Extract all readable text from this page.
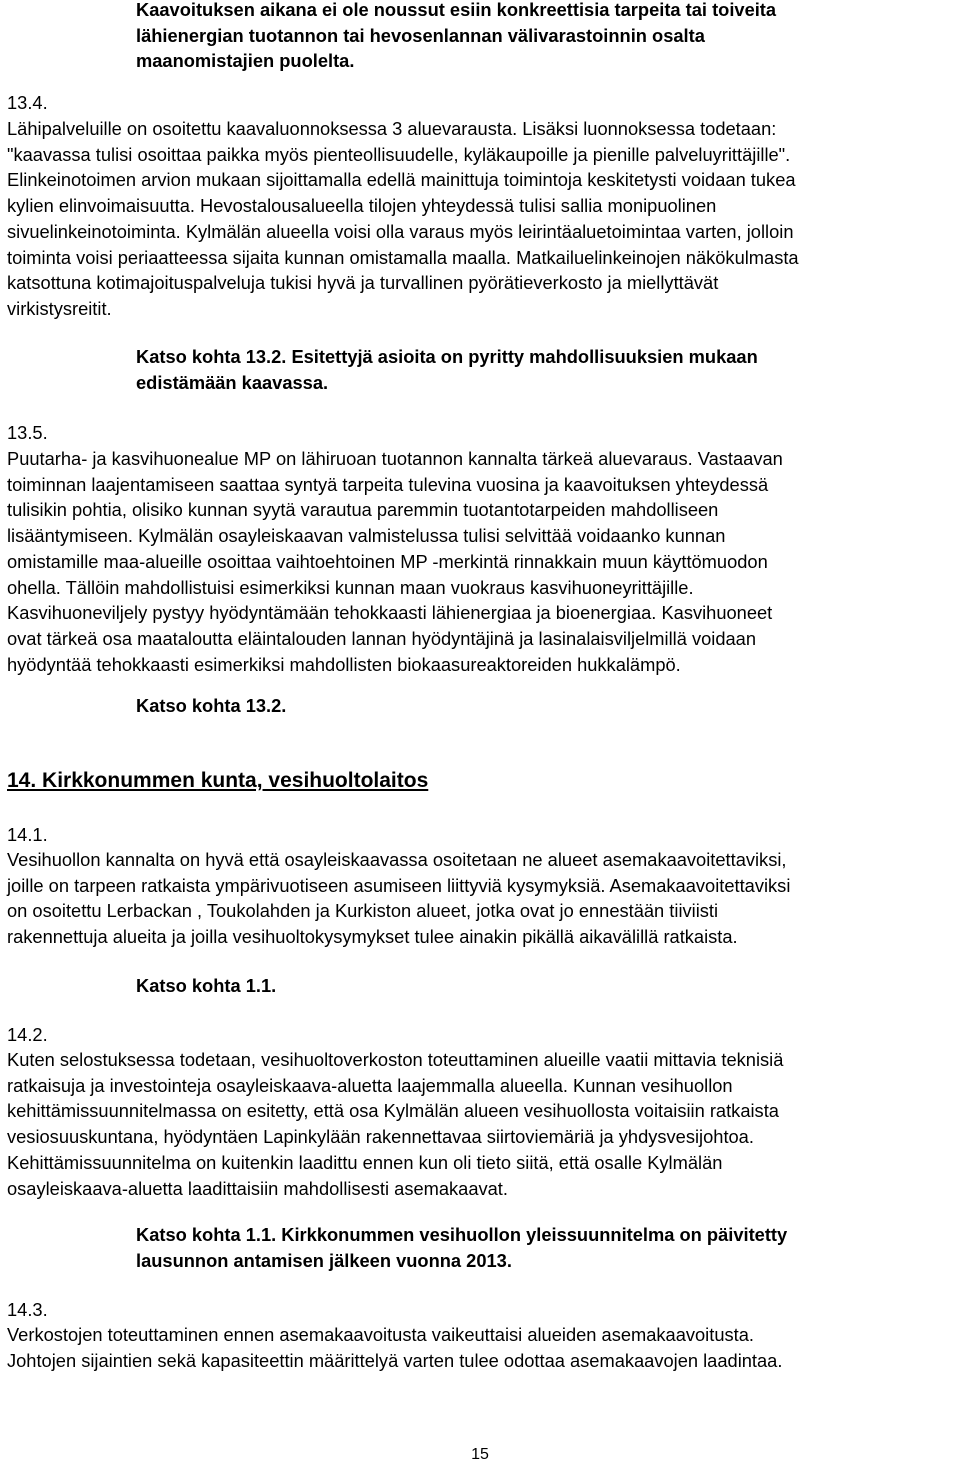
Kaavoituksen aikana ei ole noussut esiin konkreettisia tarpeita tai toiveita
lähienergian tuotannon tai hevosenlannan välivarastoinnin osalta
maanomistajien puolelta.
13.4.
Lähipalveluille on osoitettu kaavaluonnoksessa 3 aluevarausta. Lisäksi luonnoksessa todetaan:
"kaavassa tulisi osoittaa paikka myös pienteollisuudelle, kyläkaupoille ja pienille palveluyrittäjille".
Elinkeinotoimen arvion mukaan sijoittamalla edellä mainittuja toimintoja keskitetysti voidaan tukea
kylien elinvoimaisuutta. Hevostalousalueella tilojen yhteydessä tulisi sallia monipuolinen
sivuelinkeinotoiminta. Kylmälän alueella voisi olla varaus myös leirintäaluetoimintaa varten, jolloin
toiminta voisi periaatteessa sijaita kunnan omistamalla maalla. Matkailuelinkeinojen näkökulmasta
katsottuna kotimajoituspalveluja tukisi hyvä ja turvallinen pyörätieverkosto ja miellyttävät
virkistysreitit.
Katso kohta 13.2. Esitettyjä asioita on pyritty mahdollisuuksien mukaan
edistämään kaavassa.
13.5.
Puutarha- ja kasvihuonealue MP on lähiruoan tuotannon kannalta tärkeä aluevaraus. Vastaavan
toiminnan laajentamiseen saattaa syntyä tarpeita tulevina vuosina ja kaavoituksen yhteydessä
tulisikin pohtia, olisiko kunnan syytä varautua paremmin tuotantotarpeiden mahdolliseen
lisääntymiseen. Kylmälän osayleiskaavan valmistelussa tulisi selvittää voidaanko kunnan
omistamille maa-alueille osoittaa vaihtoehtoinen MP -merkintä rinnakkain muun käyttömuodon
ohella. Tällöin mahdollistuisi esimerkiksi kunnan maan vuokraus kasvihuoneyrittäjille.
Kasvihuoneviljely pystyy hyödyntämään tehokkaasti lähienergiaa ja bioenergiaa. Kasvihuoneet
ovat tärkeä osa maataloutta eläintalouden lannan hyödyntäjinä ja lasinalaisviljelmillä voidaan
hyödyntää tehokkaasti esimerkiksi mahdollisten biokaasureaktoreiden hukkalämpö.
Katso kohta 13.2.
14. Kirkkonummen kunta, vesihuoltolaitos
14.1.
Vesihuollon kannalta on hyvä että osayleiskaavassa osoitetaan ne alueet asemakaavoitettaviksi,
joille on tarpeen ratkaista ympärivuotiseen asumiseen liittyviä kysymyksiä. Asemakaavoitettaviksi
on osoitettu Lerbackan , Toukolahden ja Kurkiston alueet, jotka ovat jo ennestään tiiviisti
rakennettuja alueita ja joilla vesihuoltokysymykset tulee ainakin pikällä aikavälillä ratkaista.
Katso kohta 1.1.
14.2.
Kuten selostuksessa todetaan, vesihuoltoverkoston toteuttaminen alueille vaatii mittavia teknisiä
ratkaisuja ja investointeja osayleiskaava-aluetta laajemmalla alueella. Kunnan vesihuollon
kehittämissuunnitelmassa on esitetty, että osa Kylmälän alueen vesihuollosta voitaisiin ratkaista
vesiosuuskuntana, hyödyntäen Lapinkylään rakennettavaa siirtoviemäriä ja yhdysvesijohtoa.
Kehittämissuunnitelma on kuitenkin laadittu ennen kun oli tieto siitä, että osalle Kylmälän
osayleiskaava-aluetta laadittaisiin mahdollisesti asemakaavat.
Katso kohta 1.1. Kirkkonummen vesihuollon yleissuunnitelma on päivitetty
lausunnon antamisen jälkeen vuonna 2013.
14.3.
Verkostojen toteuttaminen ennen asemakaavoitusta vaikeuttaisi alueiden asemakaavoitusta.
Johtojen sijaintien sekä kapasiteettin määrittelyä varten tulee odottaa asemakaavojen laadintaa.
15
